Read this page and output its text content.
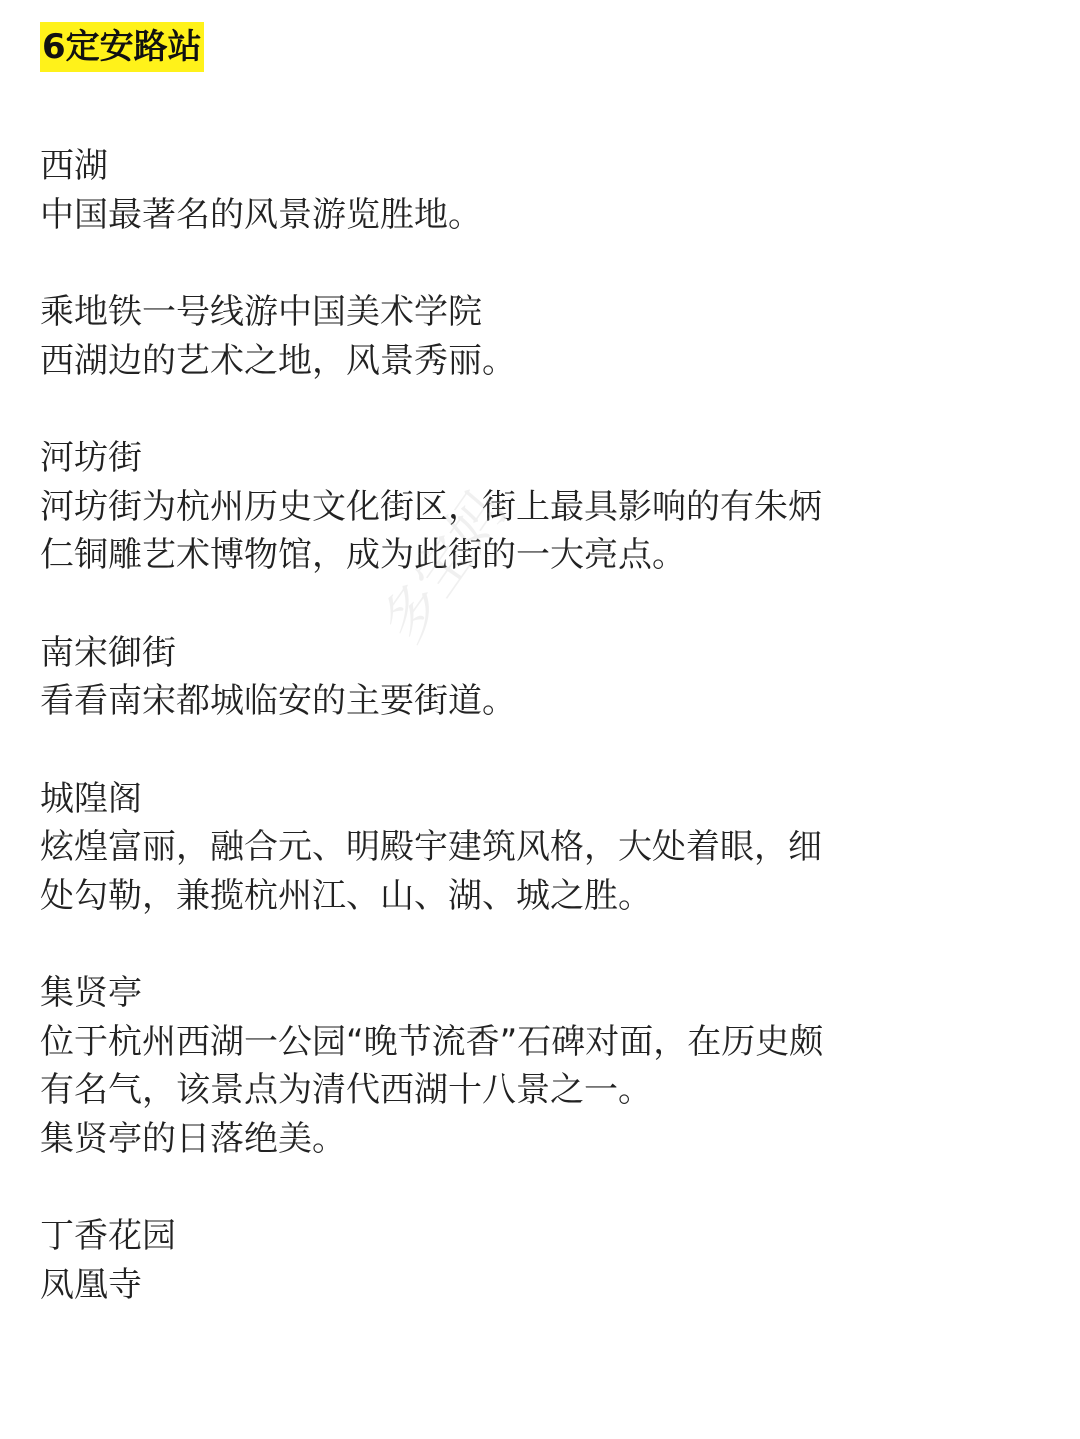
6定安路站

西湖

中国最著名的风景游览胜地。

乘地铁一号线游中国美术学院

西湖边的艺术之地，风景秀丽。

河坊街

河坊街为杭州历史文化街区，街上最具影响的有朱炳

仁铜雕艺术博物馆，成为此街的一大亮点。

南宋御街

看看南宋都城临安的主要街道。

城隍阁

炫煌富丽，融合元、明殿宇建筑风格，大处着眼，细

处勾勒，兼揽杭州江、山、湖、城之胜。

集贤亭

位于杭州西湖一公园“晚节流香”石碑对面，在历史颇

有名气，该景点为清代西湖十八景之一。

集贤亭的日落绝美。

丁香花园

凤凰寺

多宝妈
